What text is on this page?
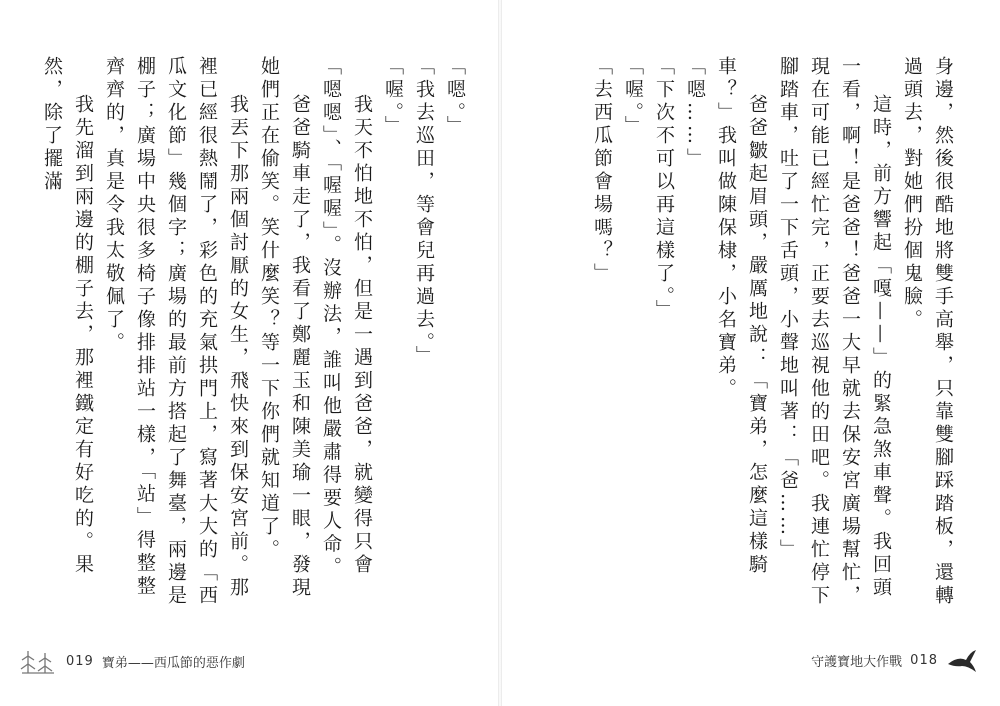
「嗯。」

「我去巡田，等會兒再過去。」

「喔。」

我天不怕地不怕，但是一遇到爸爸，就變得只會「嗯嗯」、「喔喔」。沒辦法，誰叫他嚴肅得要人命。

爸爸騎車走了，我看了鄭麗玉和陳美瑜一眼，發現她們正在偷笑。笑什麼笑？等一下你們就知道了。

我丟下那兩個討厭的女生，飛快來到保安宮前。那裡已經很熱鬧了，彩色的充氣拱門上，寫著大大的「西瓜文化節」幾個字；廣場的最前方搭起了舞臺，兩邊是棚子；廣場中央很多椅子像排排站一樣，「站」得整整齊齊的，真是令我太敬佩了。

我先溜到兩邊的棚子去，那裡鐵定有好吃的。果然，除了擺滿

019 寶弟——西瓜節的惡作劇

身邊，然後很酷地將雙手高舉，只靠雙腳踩踏板，還轉過頭去，對她們扮個鬼臉。

這時，前方響起「嘎——」的緊急煞車聲。我回頭一看，啊！是爸爸！爸爸一大早就去保安宮廣場幫忙，現在可能已經忙完，正要去巡視他的田吧。我連忙停下腳踏車，吐了一下舌頭，小聲地叫著：「爸……」

爸爸皺起眉頭，嚴厲地說：「寶弟，怎麼這樣騎車？」我叫做陳保棣，小名寶弟。

「嗯……」

「下次不可以再這樣了。」

「喔。」

「去西瓜節會場嗎？」

守護寶地大作戰 018
